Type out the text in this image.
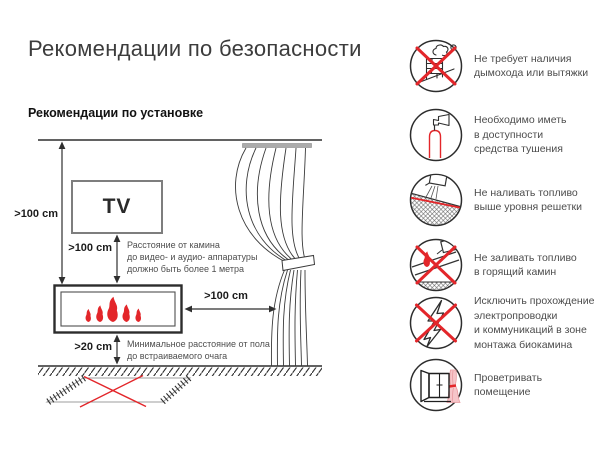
Рекомендации по безопасности
Рекомендации по установке
>100 cm	TV
>100 cm Расстояние от камина
до видео- и аудио- аппаратуры
должно быть более 1 метра
>100 cm
>20 cm Минимальное расстояние от пола
до встраиваемого очага
Не требует наличия
дымохода или вытяжки
Необходимо иметь
в доступности
средства тушения
Не наливать топливо
выше уровня решетки
Не заливать топливо
в горящий камин
Исключить прохождение
электропроводки
и коммуникаций в зоне
монтажа биокамина
Проветривать
помещение
